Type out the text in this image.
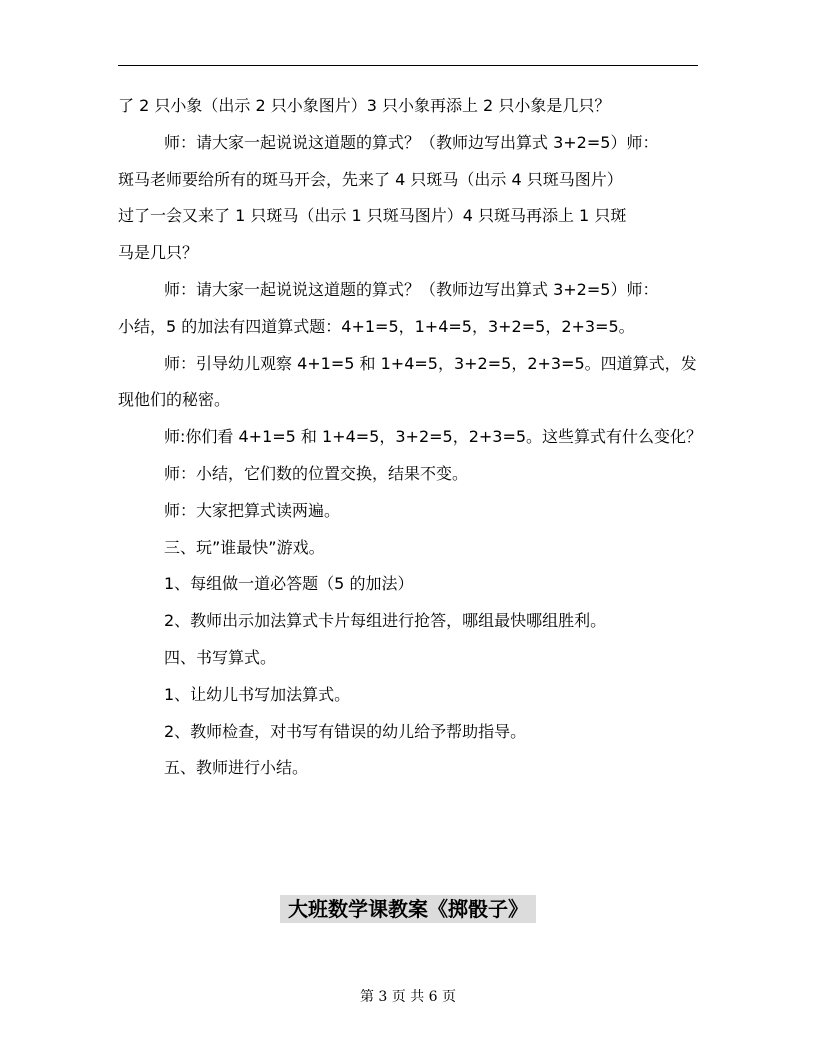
了 2 只小象（出示 2 只小象图片）3 只小象再添上 2 只小象是几只？
师：请大家一起说说这道题的算式？（教师边写出算式 3+2=5）师：
斑马老师要给所有的斑马开会，先来了 4 只斑马（出示 4 只斑马图片）
过了一会又来了 1 只斑马（出示 1 只斑马图片）4 只斑马再添上 1 只斑
马是几只？
师：请大家一起说说这道题的算式？（教师边写出算式 3+2=5）师：
小结，5 的加法有四道算式题：4+1=5，1+4=5，3+2=5，2+3=5。
师：引导幼儿观察 4+1=5 和 1+4=5，3+2=5，2+3=5。四道算式，发
现他们的秘密。
师:你们看 4+1=5 和 1+4=5，3+2=5，2+3=5。这些算式有什么变化？
师：小结，它们数的位置交换，结果不变。
师：大家把算式读两遍。
三、玩”谁最快”游戏。
1、每组做一道必答题（5 的加法）
2、教师出示加法算式卡片每组进行抢答，哪组最快哪组胜利。
四、书写算式。
1、让幼儿书写加法算式。
2、教师检查，对书写有错误的幼儿给予帮助指导。
五、教师进行小结。
大班数学课教案《掷骰子》
第 3 页 共 6 页
